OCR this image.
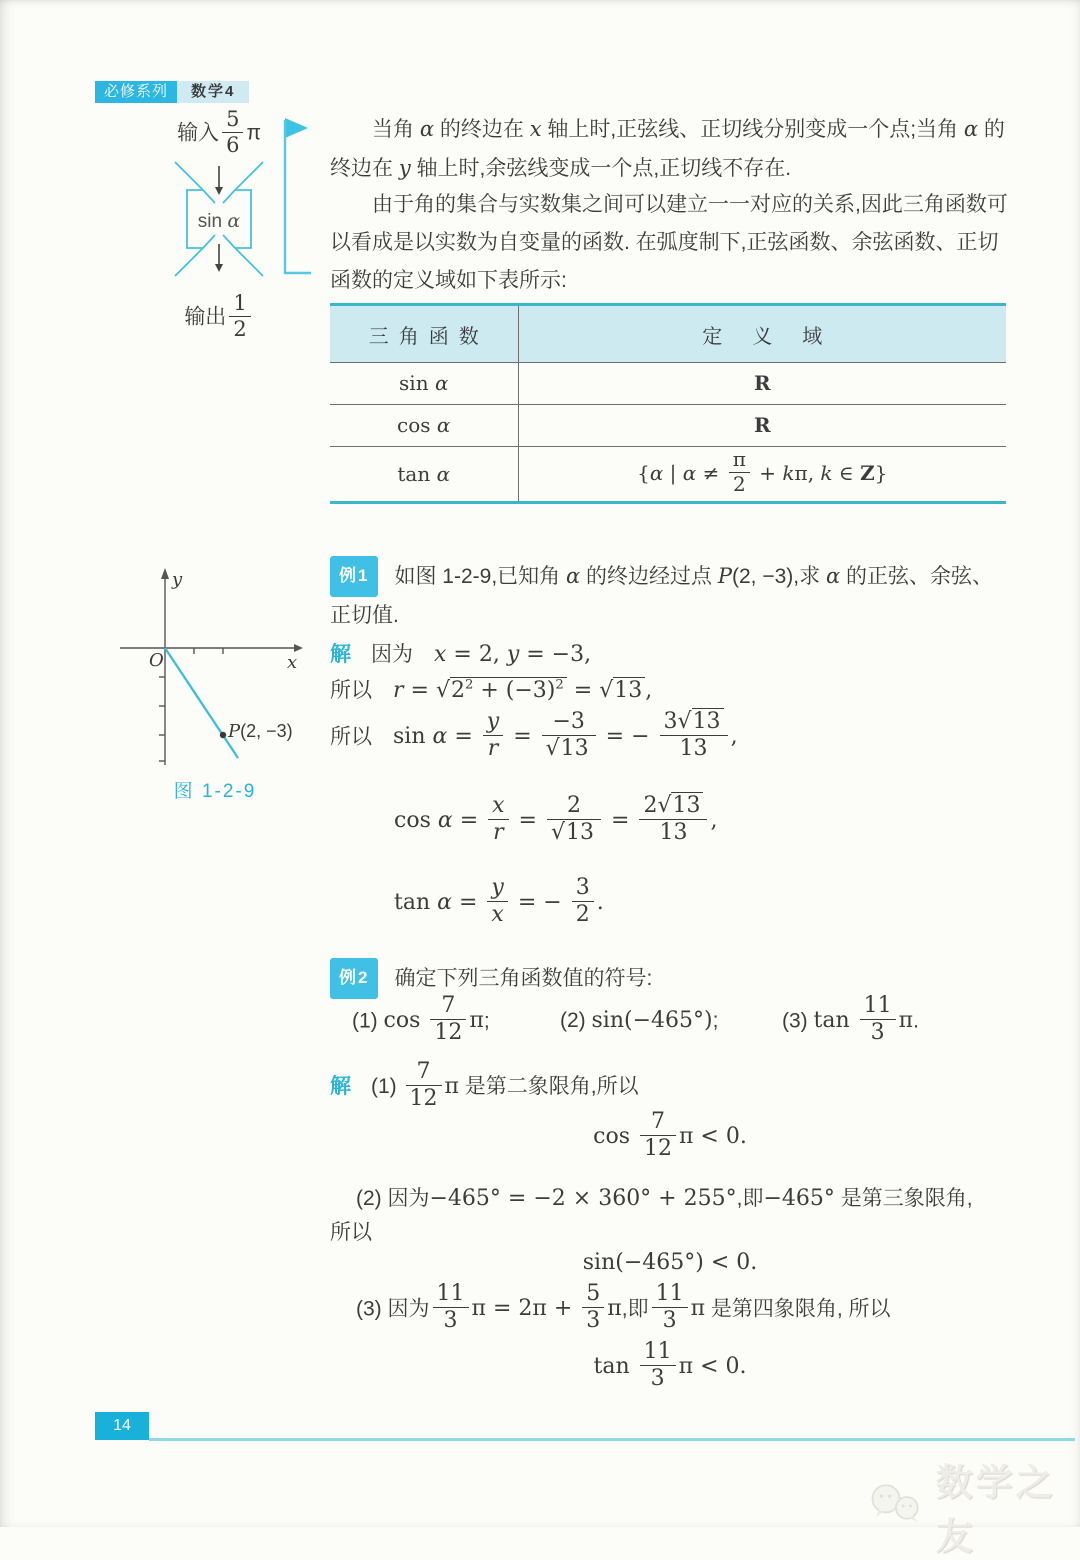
必修系列	数学4
输入 $\frac{5}{6}$ π
sin α
输出 $\frac{1}{2}$
O	x
y
P(2, −3)
图 1-2-9

当角 α 的终边在 x 轴上时,正弦线、正切线分别变成一个点;当角 α 的终边在 y 轴上时,余弦线变成一个点,正切线不存在.

由于角的集合与实数集之间可以建立一一对应的关系,因此三角函数可以看成是以实数为自变量的函数. 在弧度制下,正弦函数、余弦函数、正切函数的定义域如下表所示:

三角函数	定义域
sin α	R
cos α	R
tan α	{α | $\alpha \ne \frac{\pi}{2} + k\pi$, k ∈ Z}
例1 如图 1-2-9,已知角 α 的终边经过点 P(2, −3),求 α 的正弦、余弦、正切值.
解 因为 x = 2, y = −3,
所以 $r = √2^2 + (-3)^2 = √13$ ,
所以 $\sin \alpha = \frac{y}{r} = \frac{-3}{√13}$ = − $\frac{3√13}{13}$ ,
$\cos \alpha = \frac{x}{r} = \frac{2}{√13} = \frac{2√13}{13}$ ,
$\tan \alpha = \frac{y}{x}$ = − $\frac{3}{2}$ .
例2 确定下列三角函数值的符号:
(1) $\cos \frac{7}{12} \pi$;	(2) sin(−465°);	(3) $\tan \frac{11}{3} \pi$.
解 $(1) \frac{7}{12}$ π 是第二象限角,所以
$\cos \frac{7}{12}$ π < 0.
(2) 因为−465° = −2 × 360° + 255°,即−465° 是第三象限角,
所以
sin(−465°) < 0.
(3) 因为 $\frac{11}{3}$ $\pi = 2\pi + \frac{5}{3} \pi$,即 $\frac{11}{3}$ π 是第四象限角, 所以
$\tan \frac{11}{3}$ π < 0.
14
数学之友
